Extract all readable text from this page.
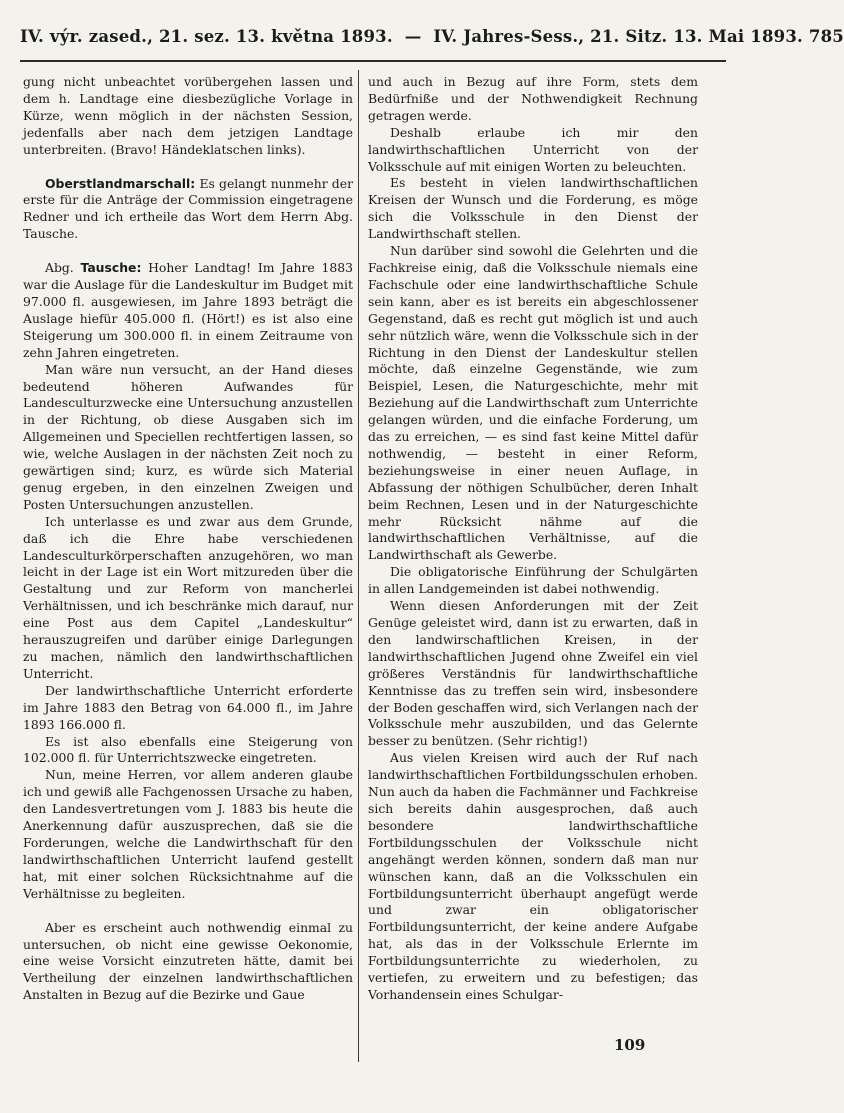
IV. výr. zased., 21. sez. 13. května 1893. — IV. Jahres-Sess., 21. Sitz. 13. Mai 1893. 785

gung nicht unbeachtet vorübergehen lassen und dem h. Landtage eine diesbezügliche Vorlage in Kürze, wenn möglich in der nächsten Session, jedenfalls aber nach dem jetzigen Landtage unterbreiten. (Bravo! Händeklatschen links).

Oberstlandmarschall: Es gelangt nunmehr der erste für die Anträge der Commission eingetragene Redner und ich ertheile das Wort dem Herrn Abg. Tausche.

Abg. Tausche: Hoher Landtag! Im Jahre 1883 war die Auslage für die Landeskultur im Budget mit 97.000 fl. ausgewiesen, im Jahre 1893 beträgt die Auslage hiefür 405.000 fl. (Hört!) es ist also eine Steigerung um 300.000 fl. in einem Zeitraume von zehn Jahren eingetreten.

Man wäre nun versucht, an der Hand dieses bedeutend höheren Aufwandes für Landesculturzwecke eine Untersuchung anzustellen in der Richtung, ob diese Ausgaben sich im Allgemeinen und Speciellen rechtfertigen lassen, so wie, welche Auslagen in der nächsten Zeit noch zu gewärtigen sind; kurz, es würde sich Material genug ergeben, in den einzelnen Zweigen und Posten Untersuchungen anzustellen.

Ich unterlasse es und zwar aus dem Grunde, daß ich die Ehre habe verschiedenen Landesculturkörperschaften anzugehören, wo man leicht in der Lage ist ein Wort mitzureden über die Gestaltung und zur Reform von mancherlei Verhältnissen, und ich beschränke mich darauf, nur eine Post aus dem Capitel „Landeskultur“ herauszugreifen und darüber einige Darlegungen zu machen, nämlich den landwirthschaftlichen Unterricht.

Der landwirthschaftliche Unterricht erforderte im Jahre 1883 den Betrag von 64.000 fl., im Jahre 1893 166.000 fl.

Es ist also ebenfalls eine Steigerung von 102.000 fl. für Unterrichtszwecke eingetreten.

Nun, meine Herren, vor allem anderen glaube ich und gewiß alle Fachgenossen Ursache zu haben, den Landesvertretungen vom J. 1883 bis heute die Anerkennung dafür auszusprechen, daß sie die Forderungen, welche die Landwirthschaft für den landwirthschaftlichen Unterricht laufend gestellt hat, mit einer solchen Rücksichtnahme auf die Verhältnisse zu begleiten.

Aber es erscheint auch nothwendig einmal zu untersuchen, ob nicht eine gewisse Oekonomie, eine weise Vorsicht einzutreten hätte, damit bei Vertheilung der einzelnen landwirthschaftlichen Anstalten in Bezug auf die Bezirke und Gaue

und auch in Bezug auf ihre Form, stets dem Bedürfniße und der Nothwendigkeit Rechnung getragen werde.

Deshalb erlaube ich mir den landwirthschaftlichen Unterricht von der Volksschule auf mit einigen Worten zu beleuchten.

Es besteht in vielen landwirthschaftlichen Kreisen der Wunsch und die Forderung, es möge sich die Volksschule in den Dienst der Landwirthschaft stellen.

Nun darüber sind sowohl die Gelehrten und die Fachkreise einig, daß die Volksschule niemals eine Fachschule oder eine landwirthschaftliche Schule sein kann, aber es ist bereits ein abgeschlossener Gegenstand, daß es recht gut möglich ist und auch sehr nützlich wäre, wenn die Volksschule sich in der Richtung in den Dienst der Landeskultur stellen möchte, daß einzelne Gegenstände, wie zum Beispiel, Lesen, die Naturgeschichte, mehr mit Beziehung auf die Landwirthschaft zum Unterrichte gelangen würden, und die einfache Forderung, um das zu erreichen, — es sind fast keine Mittel dafür nothwendig, — besteht in einer Reform, beziehungsweise in einer neuen Auflage, in Abfassung der nöthigen Schulbücher, deren Inhalt beim Rechnen, Lesen und in der Naturgeschichte mehr Rücksicht nähme auf die landwirthschaftlichen Verhältnisse, auf die Landwirthschaft als Gewerbe.

Die obligatorische Einführung der Schulgärten in allen Landgemeinden ist dabei nothwendig.

Wenn diesen Anforderungen mit der Zeit Genüge geleistet wird, dann ist zu erwarten, daß in den landwirschaftlichen Kreisen, in der landwirthschaftlichen Jugend ohne Zweifel ein viel größeres Verständnis für landwirthschaftliche Kenntnisse das zu treffen sein wird, insbesondere der Boden geschaffen wird, sich Verlangen nach der Volksschule mehr auszubilden, und das Gelernte besser zu benützen. (Sehr richtig!)

Aus vielen Kreisen wird auch der Ruf nach landwirthschaftlichen Fortbildungsschulen erhoben. Nun auch da haben die Fachmänner und Fachkreise sich bereits dahin ausgesprochen, daß auch besondere landwirthschaftliche Fortbildungsschulen der Volksschule nicht angehängt werden können, sondern daß man nur wünschen kann, daß an die Volksschulen ein Fortbildungsunterricht überhaupt angefügt werde und zwar ein obligatorischer Fortbildungsunterricht, der keine andere Aufgabe hat, als das in der Volksschule Erlernte im Fortbildungsunterrichte zu wiederholen, zu vertiefen, zu erweitern und zu befestigen; das Vorhandensein eines Schulgar-

109
